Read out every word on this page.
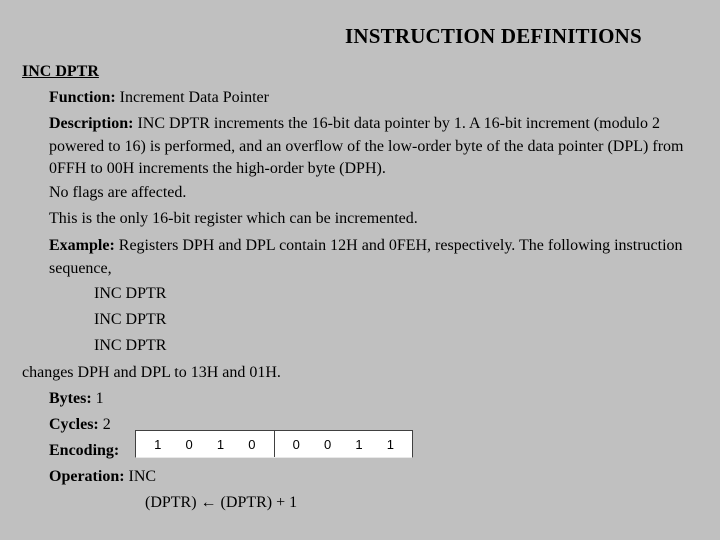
INSTRUCTION DEFINITIONS
INC DPTR
Function: Increment Data Pointer
Description: INC DPTR increments the 16-bit data pointer by 1. A 16-bit increment (modulo 2 powered to 16) is performed, and an overflow of the low-order byte of the data pointer (DPL) from 0FFH to 00H increments the high-order byte (DPH).
No flags are affected.
This is the only 16-bit register which can be incremented.
Example: Registers DPH and DPL contain 12H and 0FEH, respectively. The following instruction sequence,
INC DPTR
INC DPTR
INC DPTR
changes DPH and DPL to 13H and 01H.
Bytes: 1
Cycles: 2
Encoding:	1 0 1 0	0 0 1 1
Operation: INC
(DPTR) ← (DPTR) + 1
